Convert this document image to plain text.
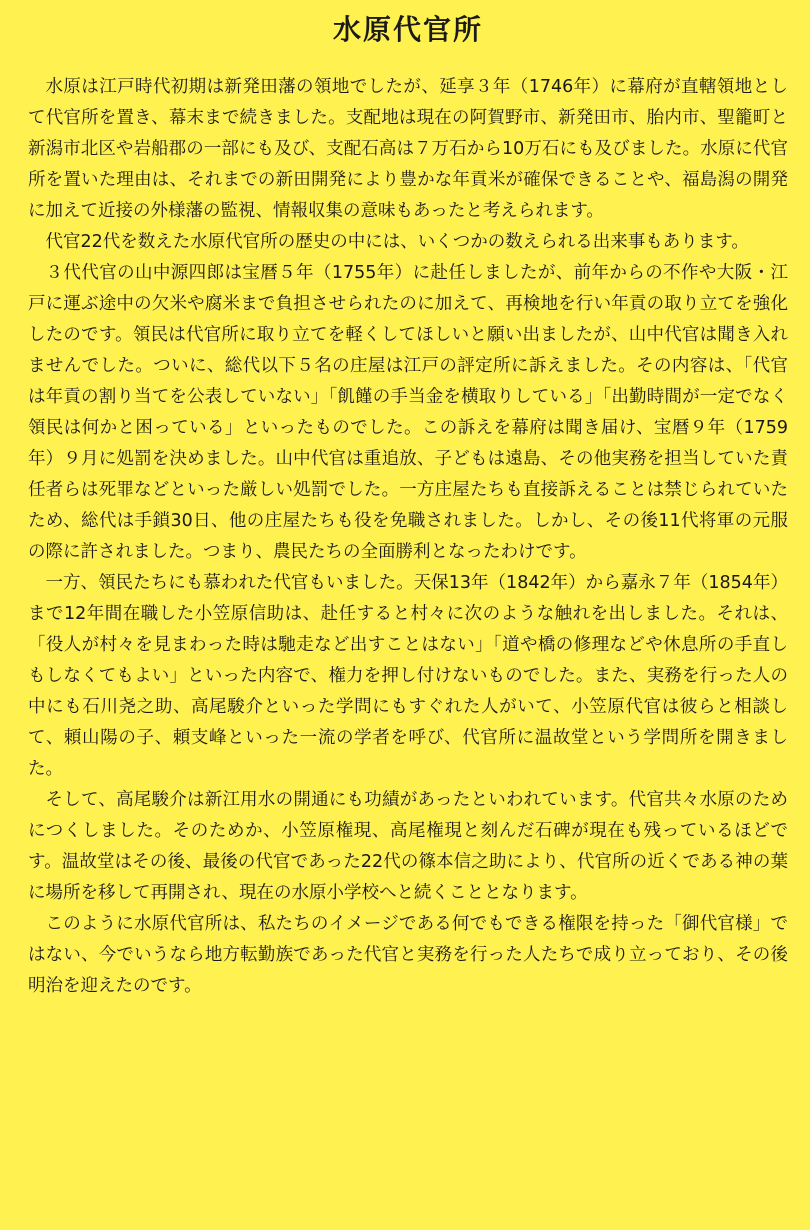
水原代官所

水原は江戸時代初期は新発田藩の領地でしたが、延享３年（1746年）に幕府が直轄領地として代官所を置き、幕末まで続きました。支配地は現在の阿賀野市、新発田市、胎内市、聖籠町と新潟市北区や岩船郡の一部にも及び、支配石高は７万石から10万石にも及びました。水原に代官所を置いた理由は、それまでの新田開発により豊かな年貢米が確保できることや、福島潟の開発に加えて近接の外様藩の監視、情報収集の意味もあったと考えられます。

代官22代を数えた水原代官所の歴史の中には、いくつかの数えられる出来事もあります。

３代代官の山中源四郎は宝暦５年（1755年）に赴任しましたが、前年からの不作や大阪・江戸に運ぶ途中の欠米や腐米まで負担させられたのに加えて、再検地を行い年貢の取り立てを強化したのです。領民は代官所に取り立てを軽くしてほしいと願い出ましたが、山中代官は聞き入れませんでした。ついに、総代以下５名の庄屋は江戸の評定所に訴えました。その内容は、「代官は年貢の割り当てを公表していない」「飢饉の手当金を横取りしている」「出勤時間が一定でなく領民は何かと困っている」といったものでした。この訴えを幕府は聞き届け、宝暦９年（1759年）９月に処罰を決めました。山中代官は重追放、子どもは遠島、その他実務を担当していた責任者らは死罪などといった厳しい処罰でした。一方庄屋たちも直接訴えることは禁じられていたため、総代は手鎖30日、他の庄屋たちも役を免職されました。しかし、その後11代将軍の元服の際に許されました。つまり、農民たちの全面勝利となったわけです。

一方、領民たちにも慕われた代官もいました。天保13年（1842年）から嘉永７年（1854年）まで12年間在職した小笠原信助は、赴任すると村々に次のような触れを出しました。それは、「役人が村々を見まわった時は馳走など出すことはない」「道や橋の修理などや休息所の手直しもしなくてもよい」といった内容で、権力を押し付けないものでした。また、実務を行った人の中にも石川尧之助、高尾駿介といった学問にもすぐれた人がいて、小笠原代官は彼らと相談して、頼山陽の子、頼支峰といった一流の学者を呼び、代官所に温故堂という学問所を開きました。

そして、高尾駿介は新江用水の開通にも功績があったといわれています。代官共々水原のためにつくしました。そのためか、小笠原権現、高尾権現と刻んだ石碑が現在も残っているほどです。温故堂はその後、最後の代官であった22代の篠本信之助により、代官所の近くである神の葉に場所を移して再開され、現在の水原小学校へと続くこととなります。

このように水原代官所は、私たちのイメージである何でもできる権限を持った「御代官様」ではない、今でいうなら地方転勤族であった代官と実務を行った人たちで成り立っており、その後明治を迎えたのです。
